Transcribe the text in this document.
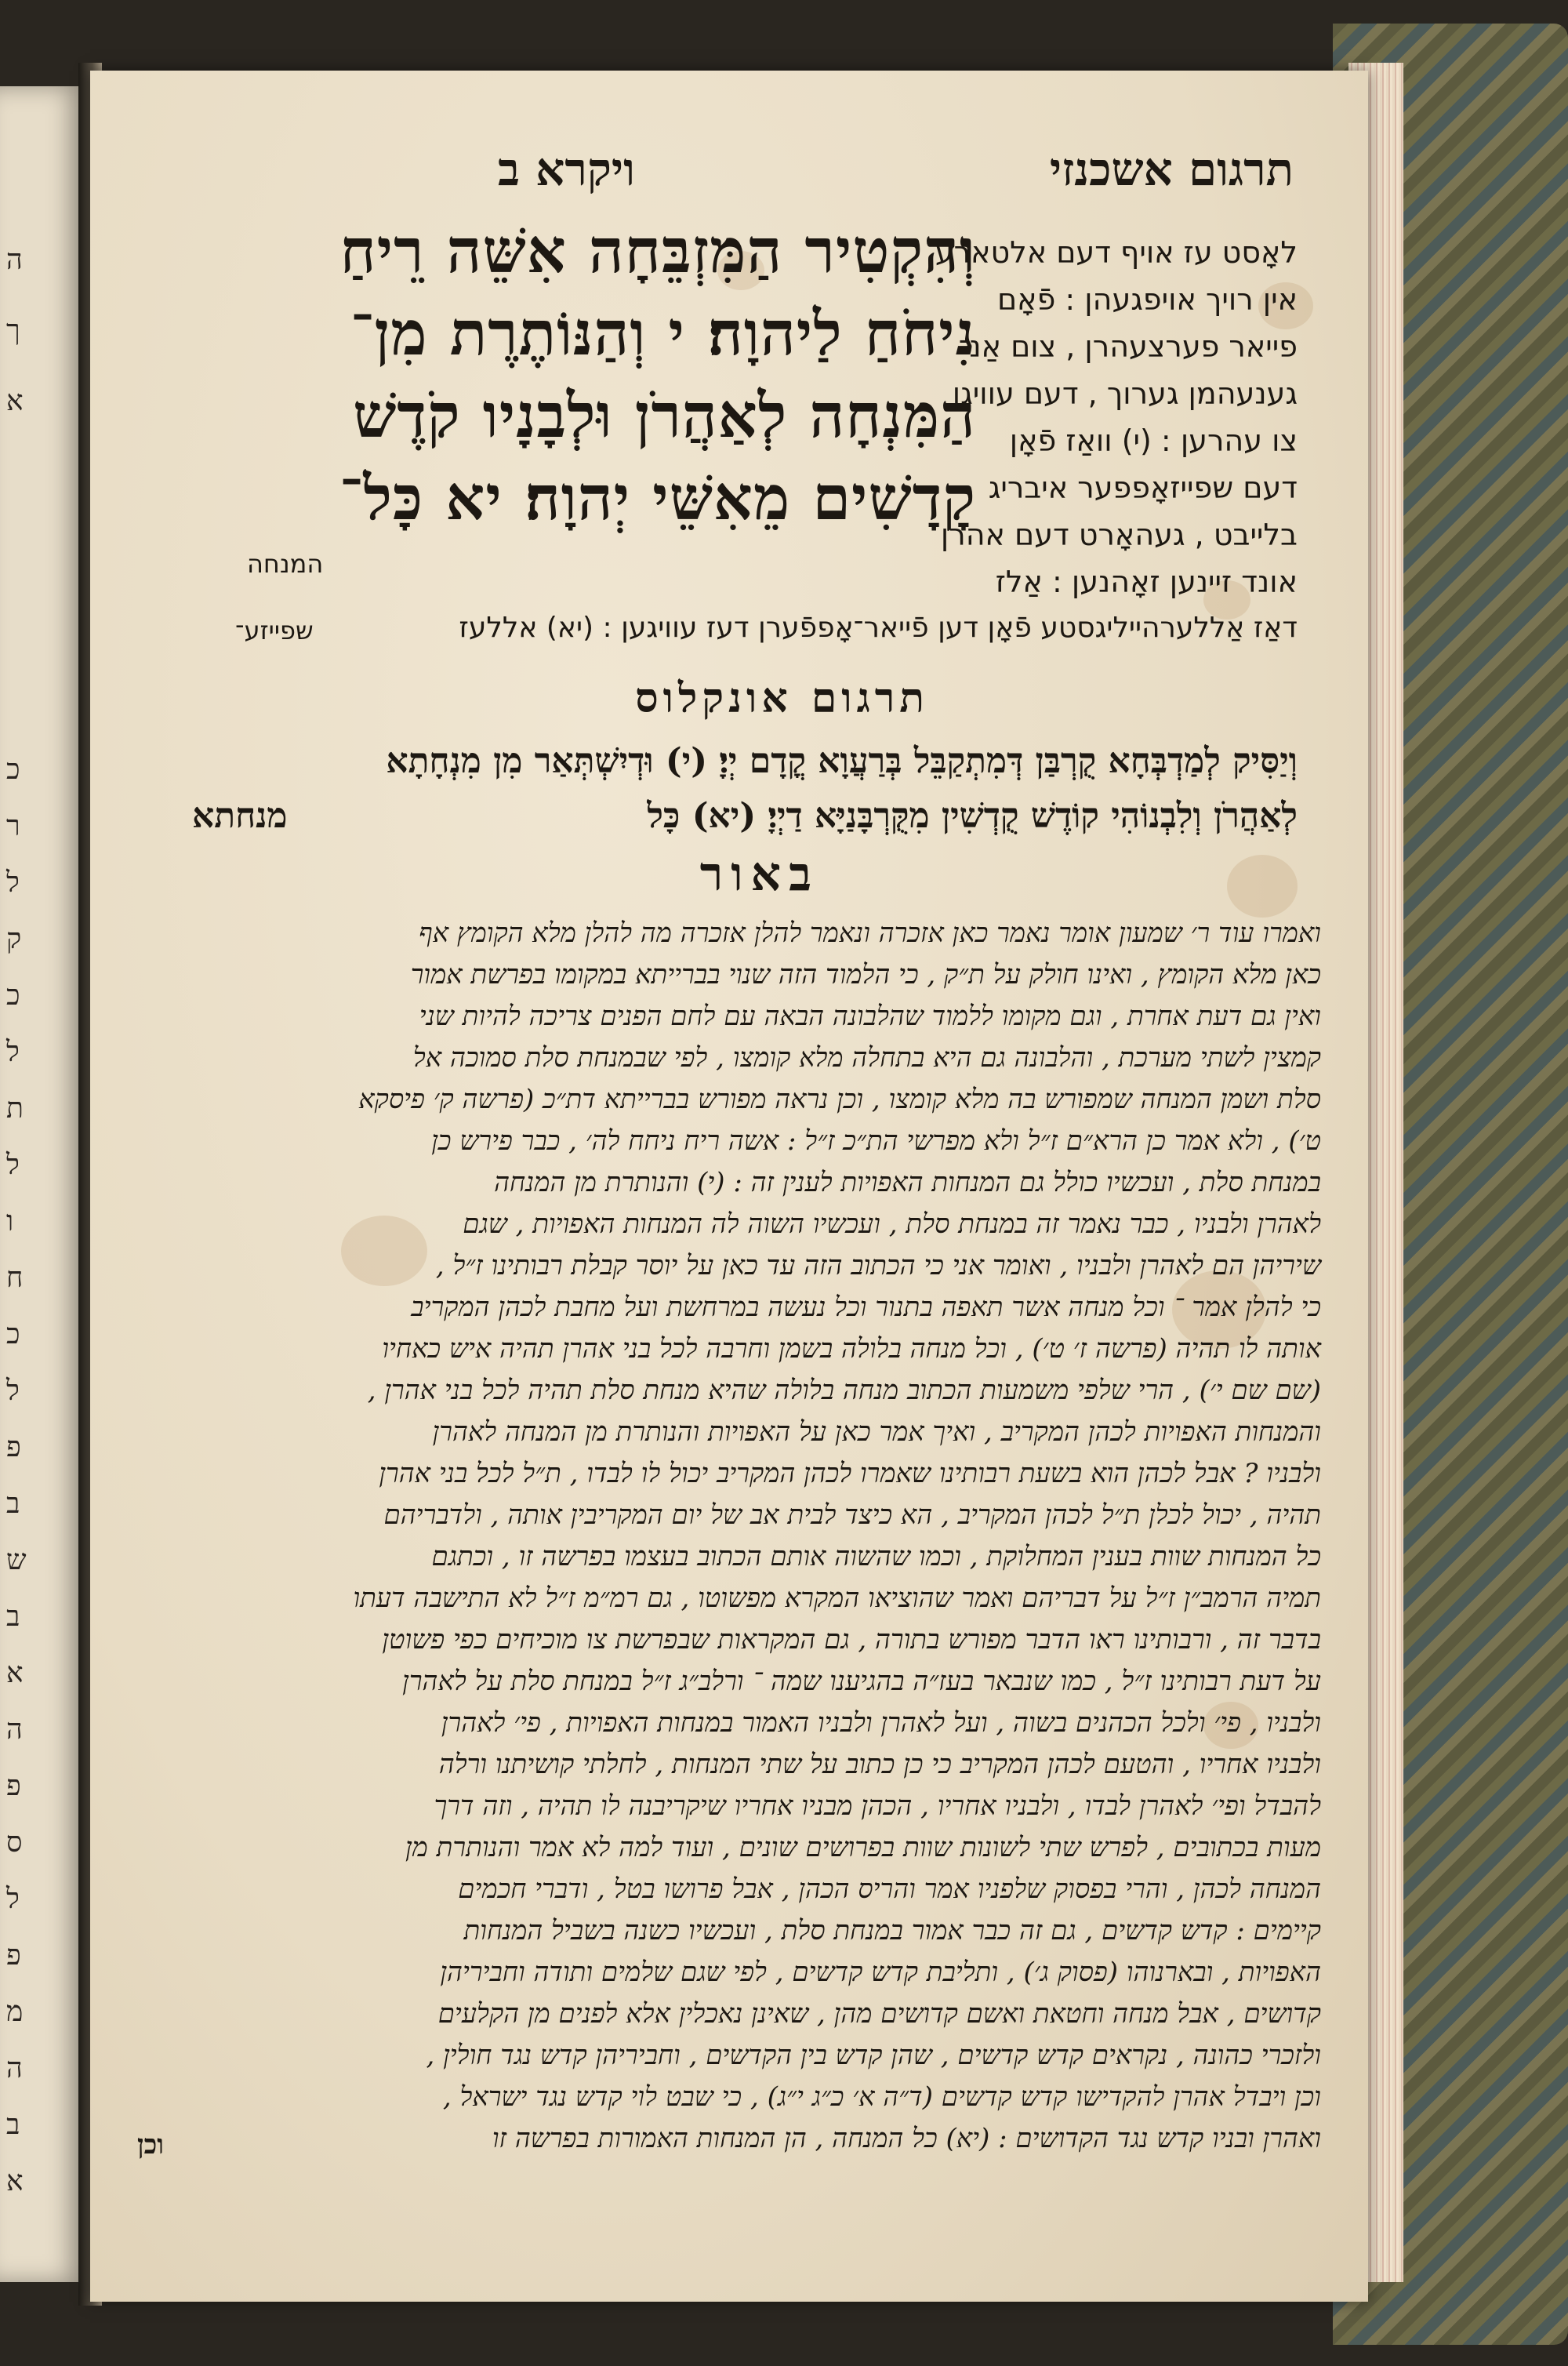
ה
ך
א
כ
ר
ל
ק
כ
ל
ת
ל
ו
ח
כ
ל
פ
ב
ש
ב
א
ה
פ
ס
ל
פ
מ
ה
ב
א
תרגום אשכנזי
ויקרא ב
וְהִקְטִיר הַמִּזְבֵּחָה אִשֵּׁה רֵיחַ
נִיחֹחַ לַיהוָה׃ י וְהַנּוֹתֶרֶת מִן־
הַמִּנְחָה לְאַהֲרֹן וּלְבָנָיו קֹדֶשׁ
קָדָשִׁים מֵאִשֵּׁי יְהוָה׃ יא כָּל־
המנחה
לאָסט עז אויף דעם אלטארע
אין רויך אויפגעהן : פֿאָם
פייאר פערצעהרן , צום אַנ־
גענעהמן גערוך , דעם עוויגן
צו עהרען : (י) וואַז פֿאָן
דעם שפייזאָפפער איבריג
בלייבט , געהאָרט דעם אהרן
אונד זיינען זאָהנען : אַלז
דאַז אַללערהייליגסטע פֿאָן דען פֿייאר־אָפפֿערן דעז עוויגען : (יא) אללעז
שפייזע־
תרגום אונקלוס
וְיַסִּיק לְמַדְבְּחָא קֻרְבַּן דְּמִתְקַבֵּל בְּרַעֲוָא קֳדָם יְיָ׃ (י) וּדְיִשְׁתְּאַר מִן מִנְחָתָא
לְאַהֲרֹן וְלִבְנוֹהִי קוֹדֶשׁ קֻדְשִׁין מִקֻּרְבָּנַיָּא דַיְיָ׃ (יא) כָּל
מנחתא
באור
ואמרו עוד ר׳ שמעון אומר נאמר כאן אזכרה ונאמר להלן אזכרה מה להלן מלא הקומץ אף
כאן מלא הקומץ , ואינו חולק על ת״ק , כי הלמוד הזה שנוי בברייתא במקומו בפרשת אמור
ואין גם דעת אחרת , וגם מקומו ללמוד שהלבונה הבאה עם לחם הפנים צריכה להיות שני
קמצין לשתי מערכת , והלבונה גם היא בתחלה מלא קומצו , לפי שבמנחת סלת סמוכה אל
סלת ושמן המנחה שמפורש בה מלא קומצו , וכן נראה מפורש בברייתא דת״כ (פרשה ק׳ פיסקא
ט׳) , ולא אמר כן הרא״ם ז״ל ולא מפרשי הת״כ ז״ל : אשה ריח ניחח לה׳ , כבר פירש כן
במנחת סלת , ועכשיו כולל גם המנחות האפויות לענין זה : (י) והנותרת מן המנחה
לאהרן ולבניו , כבר נאמר זה במנחת סלת , ועכשיו השוה לה המנחות האפויות , שגם
שיריהן הם לאהרן ולבניו , ואומר אני כי הכתוב הזה עד כאן על יוסר קבלת רבותינו ז״ל ,
כי להלן אמר ־ וכל מנחה אשר תאפה בתנור וכל נעשה במרחשת ועל מחבת לכהן המקריב
אותה לו תהיה (פרשה ז׳ ט׳) , וכל מנחה בלולה בשמן וחרבה לכל בני אהרן תהיה איש כאחיו
(שם שם י׳) , הרי שלפי משמעות הכתוב מנחה בלולה שהיא מנחת סלת תהיה לכל בני אהרן ,
והמנחות האפויות לכהן המקריב , ואיך אמר כאן על האפויות והנותרת מן המנחה לאהרן
ולבניו ? אבל לכהן הוא בשעת רבותינו שאמרו לכהן המקריב יכול לו לבדו , ת״ל לכל בני אהרן
תהיה , יכול לכלן ת״ל לכהן המקריב , הא כיצד לבית אב של יום המקריבין אותה , ולדבריהם
כל המנחות שוות בענין המחלוקת , וכמו שהשוה אותם הכתוב בעצמו בפרשה זו , וכתגם
תמיה הרמב״ן ז״ל על דבריהם ואמר שהוציאו המקרא מפשוטו , גם רמ״מ ז״ל לא התישבה דעתו
בדבר זה , ורבותינו ראו הדבר מפורש בתורה , גם המקראות שבפרשת צו מוכיחים כפי פשוטן
על דעת רבותינו ז״ל , כמו שנבאר בעז״ה בהגיענו שמה ־ ורלב״ג ז״ל במנחת סלת על לאהרן
ולבניו , פי׳ ולכל הכהנים בשוה , ועל לאהרן ולבניו האמור במנחות האפויות , פי׳ לאהרן
ולבניו אחריו , והטעם לכהן המקריב כי כן כתוב על שתי המנחות , לחלתי קושיתנו ורלה
להבדל ופי׳ לאהרן לבדו , ולבניו אחריו , הכהן מבניו אחריו שיקריבנה לו תהיה , וזה דרך
מעות בכתובים , לפרש שתי לשונות שוות בפרושים שונים , ועוד למה לא אמר והנותרת מן
המנחה לכהן , והרי בפסוק שלפניו אמר והריס הכהן , אבל פרושו בטל , ודברי חכמים
קיימים : קדש קדשים , גם זה כבר אמור במנחת סלת , ועכשיו כשנה בשביל המנחות
האפויות , ובארנוהו (פסוק ג׳) , ותליבת קדש קדשים , לפי שגם שלמים ותודה וחביריהן
קדושים , אבל מנחה וחטאת ואשם קדושים מהן , שאינן נאכלין אלא לפנים מן הקלעים
ולזכרי כהונה , נקראים קדש קדשים , שהן קדש בין הקדשים , וחביריהן קדש נגד חולין ,
וכן ויבדל אהרן להקדישו קדש קדשים (ד״ה א׳ כ״ג י״ג) , כי שבט לוי קדש נגד ישראל ,
ואהרן ובניו קדש נגד הקדושים : (יא) כל המנחה , הן המנחות האמורות בפרשה זו
וכן
